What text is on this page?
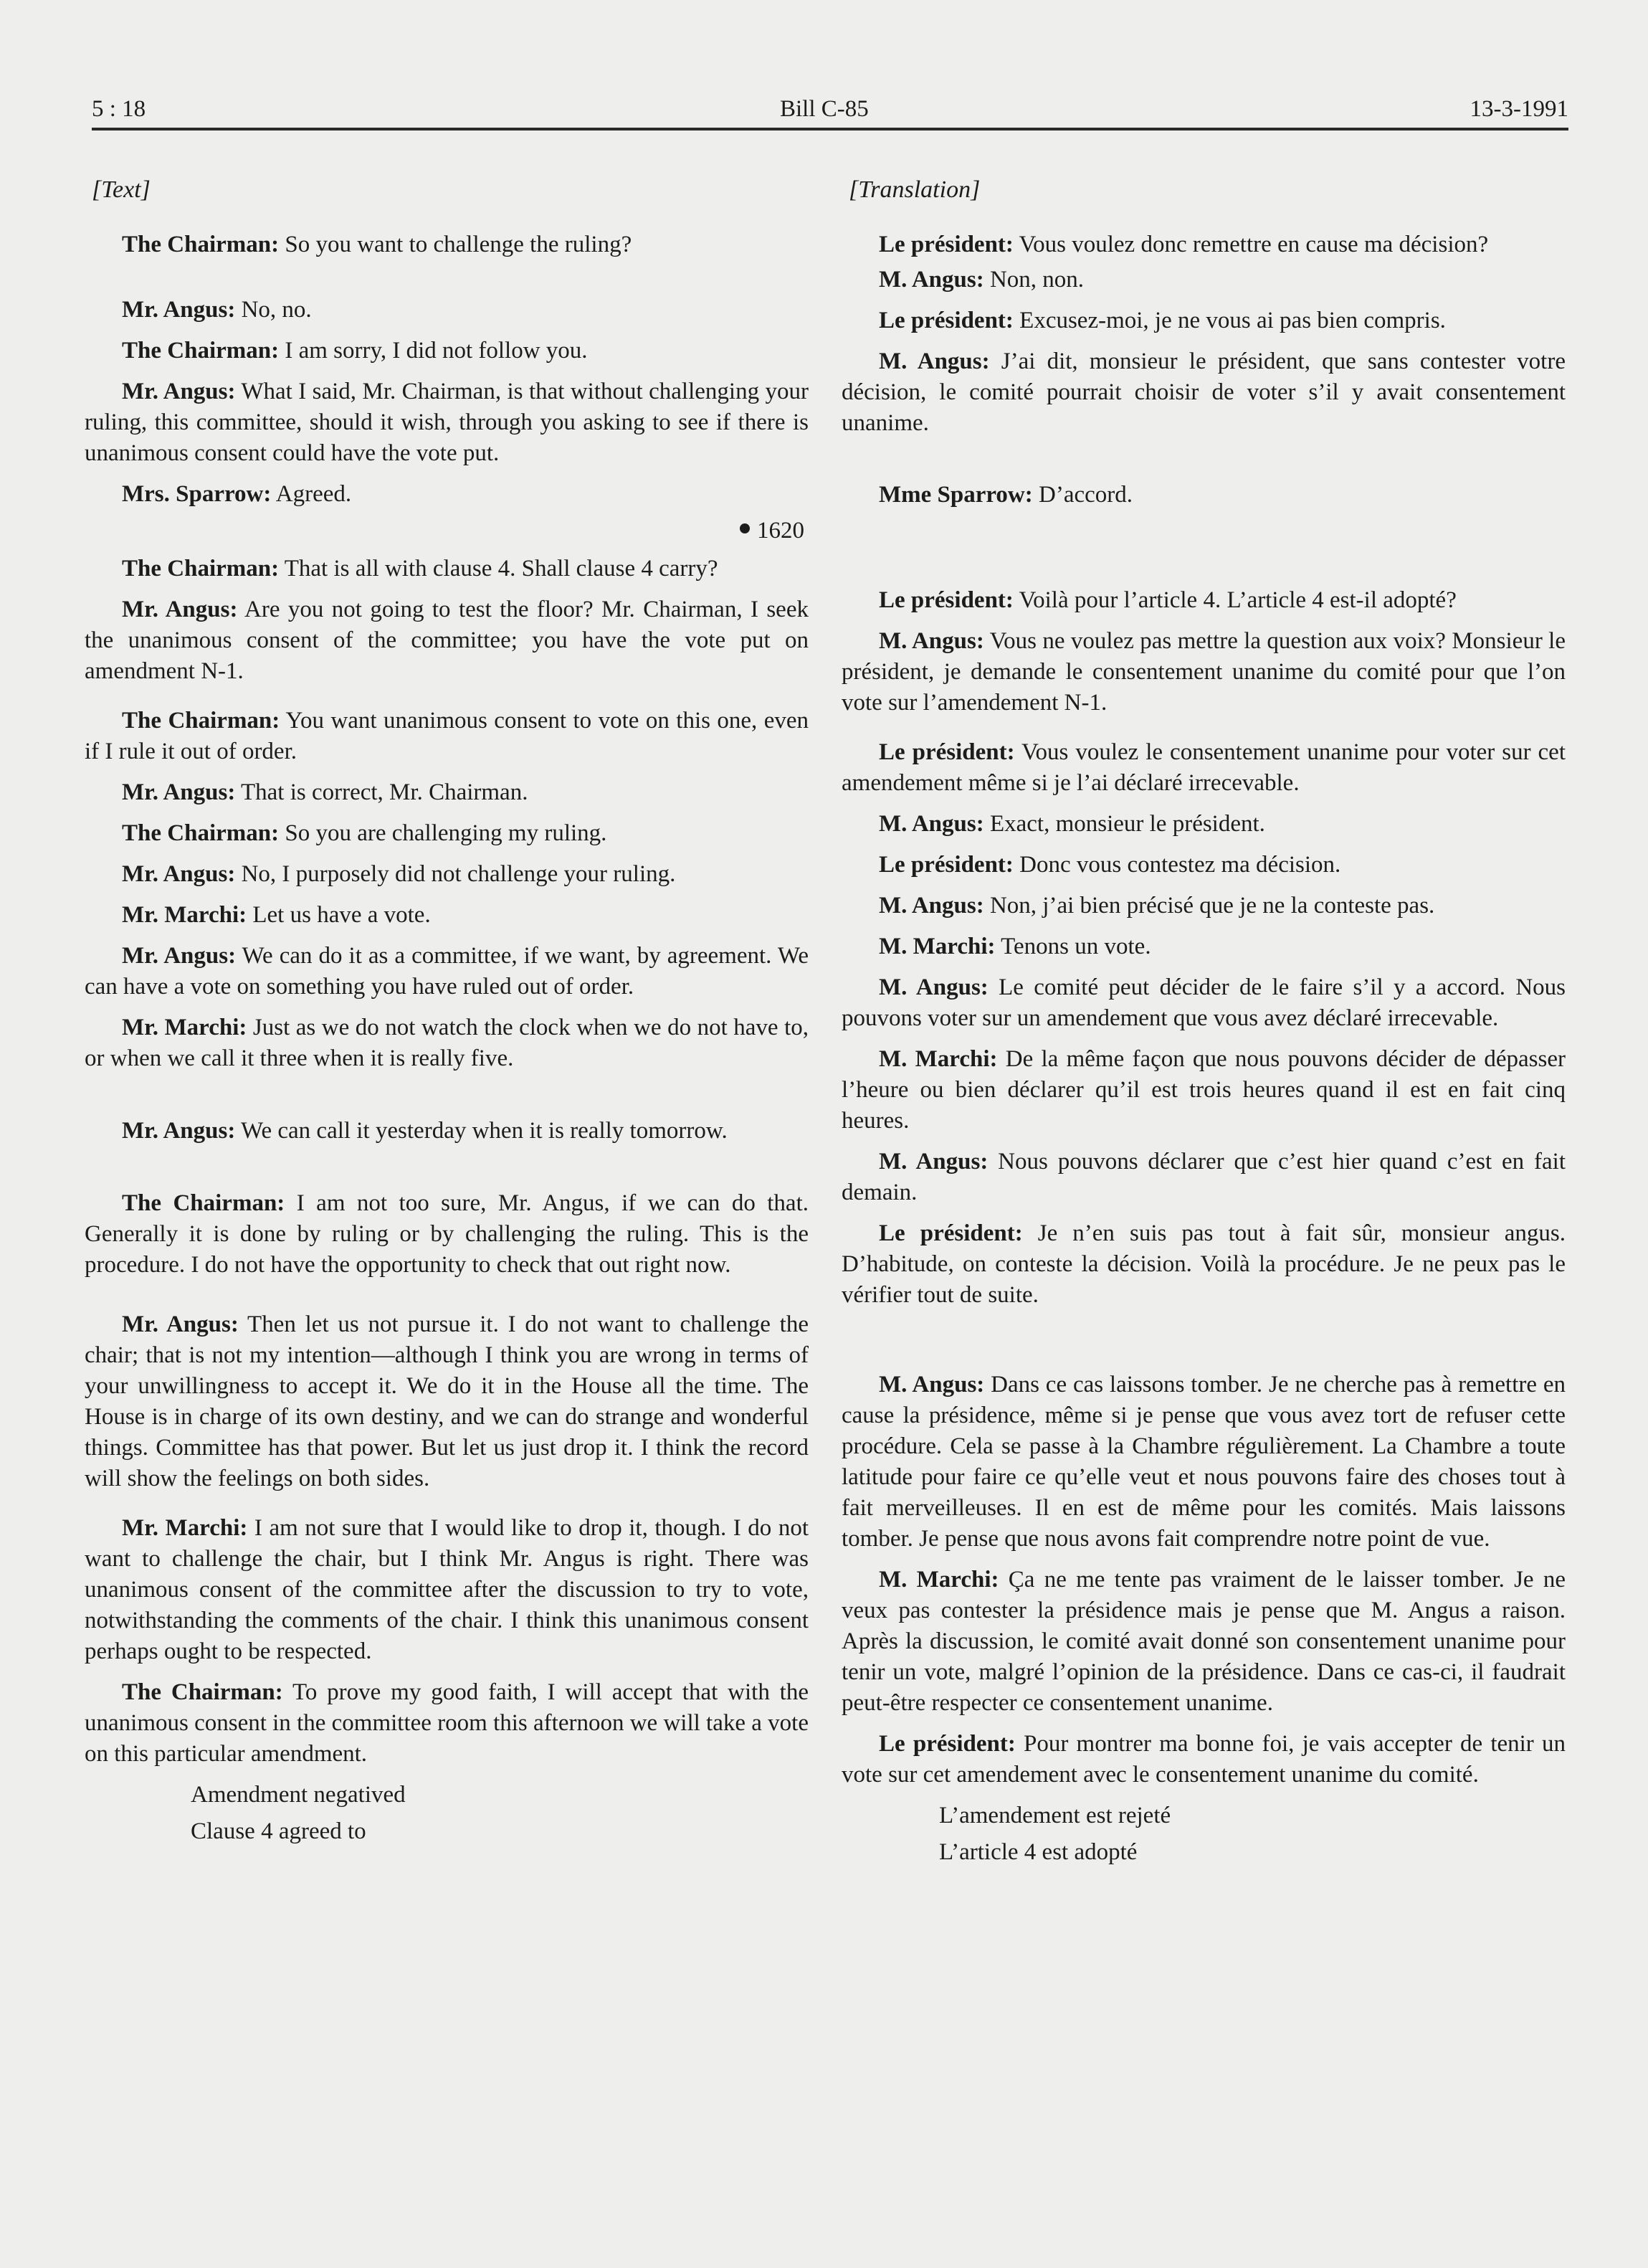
5 : 18	Bill C-85	13-3-1991
[Text]

The Chairman: So you want to challenge the ruling?

Mr. Angus: No, no.

The Chairman: I am sorry, I did not follow you.

Mr. Angus: What I said, Mr. Chairman, is that without challenging your ruling, this committee, should it wish, through you asking to see if there is unanimous consent could have the vote put.

Mrs. Sparrow: Agreed.

1620

The Chairman: That is all with clause 4. Shall clause 4 carry?

Mr. Angus: Are you not going to test the floor? Mr. Chairman, I seek the unanimous consent of the committee; you have the vote put on amendment N-1.

The Chairman: You want unanimous consent to vote on this one, even if I rule it out of order.

Mr. Angus: That is correct, Mr. Chairman.

The Chairman: So you are challenging my ruling.

Mr. Angus: No, I purposely did not challenge your ruling.

Mr. Marchi: Let us have a vote.

Mr. Angus: We can do it as a committee, if we want, by agreement. We can have a vote on something you have ruled out of order.

Mr. Marchi: Just as we do not watch the clock when we do not have to, or when we call it three when it is really five.

Mr. Angus: We can call it yesterday when it is really tomorrow.

The Chairman: I am not too sure, Mr. Angus, if we can do that. Generally it is done by ruling or by challenging the ruling. This is the procedure. I do not have the opportunity to check that out right now.

Mr. Angus: Then let us not pursue it. I do not want to challenge the chair; that is not my intention—although I think you are wrong in terms of your unwillingness to accept it. We do it in the House all the time. The House is in charge of its own destiny, and we can do strange and wonderful things. Committee has that power. But let us just drop it. I think the record will show the feelings on both sides.

Mr. Marchi: I am not sure that I would like to drop it, though. I do not want to challenge the chair, but I think Mr. Angus is right. There was unanimous consent of the committee after the discussion to try to vote, notwithstanding the comments of the chair. I think this unanimous consent perhaps ought to be respected.

The Chairman: To prove my good faith, I will accept that with the unanimous consent in the committee room this afternoon we will take a vote on this particular amendment.

Amendment negatived

Clause 4 agreed to

[Translation]

Le président: Vous voulez donc remettre en cause ma décision?

M. Angus: Non, non.

Le président: Excusez-moi, je ne vous ai pas bien compris.

M. Angus: J’ai dit, monsieur le président, que sans contester votre décision, le comité pourrait choisir de voter s’il y avait consentement unanime.

Mme Sparrow: D’accord.

Le président: Voilà pour l’article 4. L’article 4 est-il adopté?

M. Angus: Vous ne voulez pas mettre la question aux voix? Monsieur le président, je demande le consentement unanime du comité pour que l’on vote sur l’amendement N-1.

Le président: Vous voulez le consentement unanime pour voter sur cet amendement même si je l’ai déclaré irrecevable.

M. Angus: Exact, monsieur le président.

Le président: Donc vous contestez ma décision.

M. Angus: Non, j’ai bien précisé que je ne la conteste pas.

M. Marchi: Tenons un vote.

M. Angus: Le comité peut décider de le faire s’il y a accord. Nous pouvons voter sur un amendement que vous avez déclaré irrecevable.

M. Marchi: De la même façon que nous pouvons décider de dépasser l’heure ou bien déclarer qu’il est trois heures quand il est en fait cinq heures.

M. Angus: Nous pouvons déclarer que c’est hier quand c’est en fait demain.

Le président: Je n’en suis pas tout à fait sûr, monsieur angus. D’habitude, on conteste la décision. Voilà la procédure. Je ne peux pas le vérifier tout de suite.

M. Angus: Dans ce cas laissons tomber. Je ne cherche pas à remettre en cause la présidence, même si je pense que vous avez tort de refuser cette procédure. Cela se passe à la Chambre régulièrement. La Chambre a toute latitude pour faire ce qu’elle veut et nous pouvons faire des choses tout à fait merveilleuses. Il en est de même pour les comités. Mais laissons tomber. Je pense que nous avons fait comprendre notre point de vue.

M. Marchi: Ça ne me tente pas vraiment de le laisser tomber. Je ne veux pas contester la présidence mais je pense que M. Angus a raison. Après la discussion, le comité avait donné son consentement unanime pour tenir un vote, malgré l’opinion de la présidence. Dans ce cas-ci, il faudrait peut-être respecter ce consentement unanime.

Le président: Pour montrer ma bonne foi, je vais accepter de tenir un vote sur cet amendement avec le consentement unanime du comité.

L’amendement est rejeté

L’article 4 est adopté
